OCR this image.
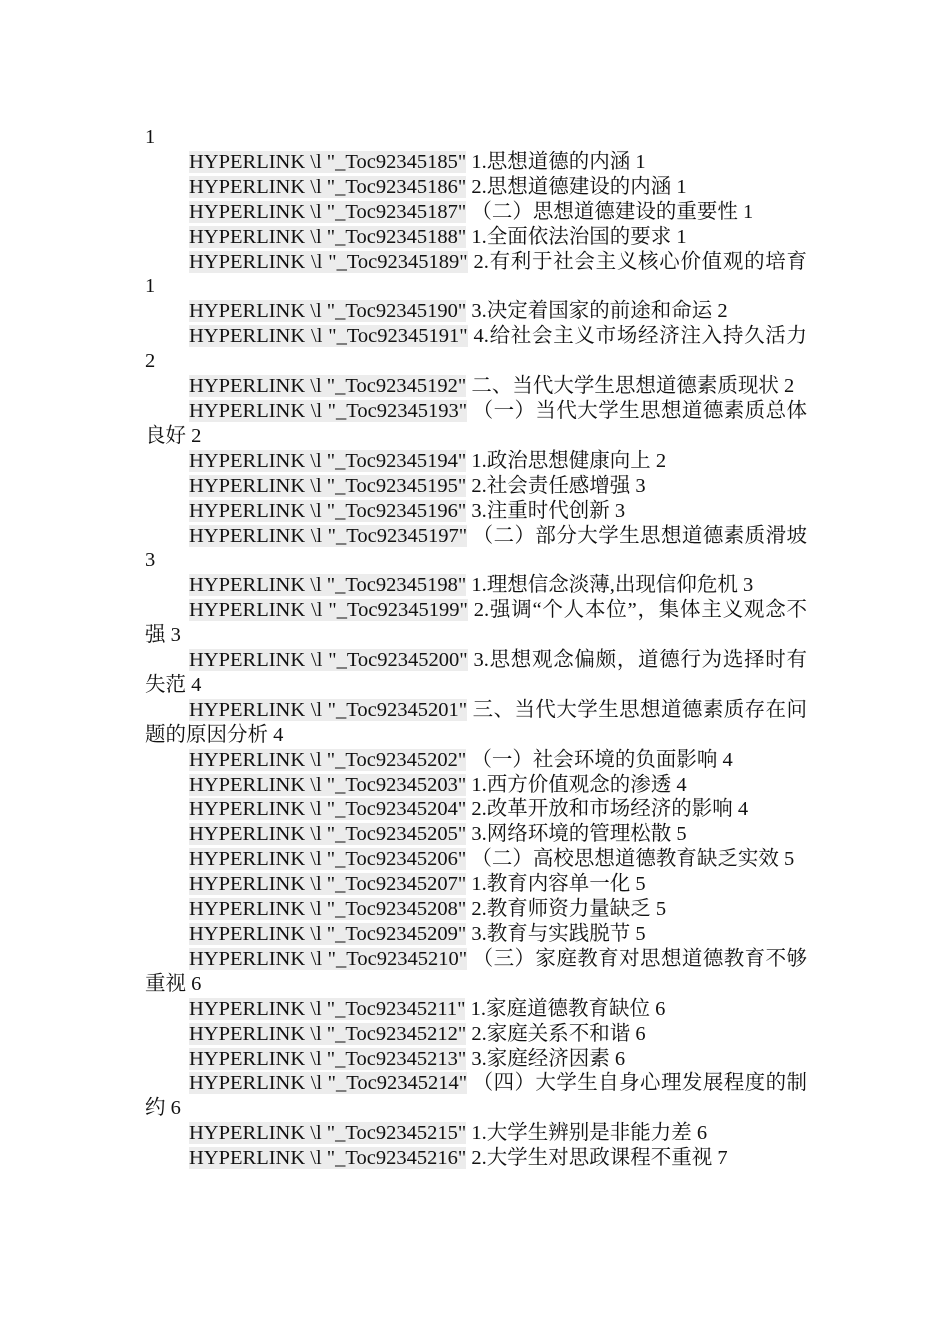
1
HYPERLINK \l "_Toc92345185" 1.思想道德的内涵 1
HYPERLINK \l "_Toc92345186" 2.思想道德建设的内涵 1
HYPERLINK \l "_Toc92345187" （二）思想道德建设的重要性 1
HYPERLINK \l "_Toc92345188" 1.全面依法治国的要求 1
HYPERLINK \l "_Toc92345189" 2.有利于社会主义核心价值观的培育 1
HYPERLINK \l "_Toc92345190" 3.决定着国家的前途和命运 2
HYPERLINK \l "_Toc92345191" 4.给社会主义市场经济注入持久活力 2
HYPERLINK \l "_Toc92345192" 二、当代大学生思想道德素质现状 2
HYPERLINK \l "_Toc92345193" （一）当代大学生思想道德素质总体良好 2
HYPERLINK \l "_Toc92345194" 1.政治思想健康向上 2
HYPERLINK \l "_Toc92345195" 2.社会责任感增强 3
HYPERLINK \l "_Toc92345196" 3.注重时代创新 3
HYPERLINK \l "_Toc92345197" （二）部分大学生思想道德素质滑坡 3
HYPERLINK \l "_Toc92345198" 1.理想信念淡薄,出现信仰危机 3
HYPERLINK \l "_Toc92345199" 2.强调“个人本位”，集体主义观念不强 3
HYPERLINK \l "_Toc92345200" 3.思想观念偏颇，道德行为选择时有失范 4
HYPERLINK \l "_Toc92345201" 三、当代大学生思想道德素质存在问题的原因分析 4
HYPERLINK \l "_Toc92345202" （一）社会环境的负面影响 4
HYPERLINK \l "_Toc92345203" 1.西方价值观念的渗透 4
HYPERLINK \l "_Toc92345204" 2.改革开放和市场经济的影响 4
HYPERLINK \l "_Toc92345205" 3.网络环境的管理松散 5
HYPERLINK \l "_Toc92345206" （二）高校思想道德教育缺乏实效 5
HYPERLINK \l "_Toc92345207" 1.教育内容单一化 5
HYPERLINK \l "_Toc92345208" 2.教育师资力量缺乏 5
HYPERLINK \l "_Toc92345209" 3.教育与实践脱节 5
HYPERLINK \l "_Toc92345210" （三）家庭教育对思想道德教育不够重视 6
HYPERLINK \l "_Toc92345211" 1.家庭道德教育缺位 6
HYPERLINK \l "_Toc92345212" 2.家庭关系不和谐 6
HYPERLINK \l "_Toc92345213" 3.家庭经济因素 6
HYPERLINK \l "_Toc92345214" （四）大学生自身心理发展程度的制约 6
HYPERLINK \l "_Toc92345215" 1.大学生辨别是非能力差 6
HYPERLINK \l "_Toc92345216" 2.大学生对思政课程不重视 7
